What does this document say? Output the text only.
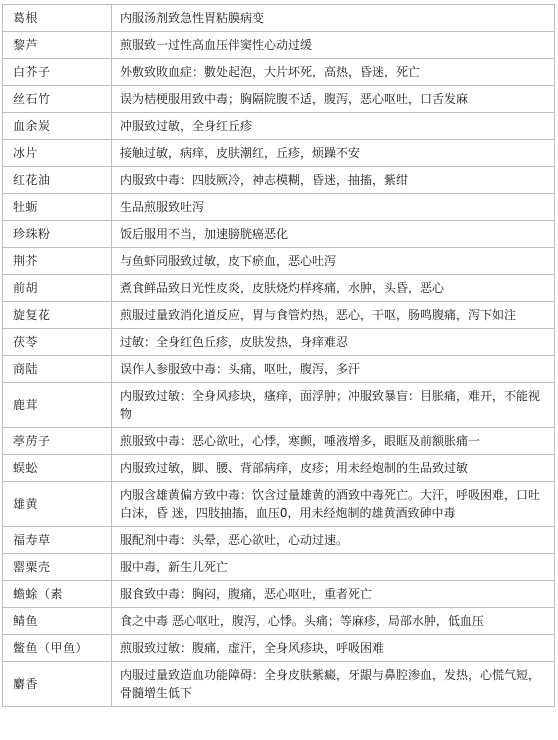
葛根	内服汤剂致急性胃粘膜病变
黎芦	煎服致一过性高血压伴窦性心动过缓
白芥子	外敷致敗血症：數处起泡，大片坏死，高热，昏迷，死亡
丝石竹	误为桔梗服用致中毒；胸隔院腹不适，腹泻，恶心呕吐，口舌发麻
血余炭	冲服致过敏，全身红丘疹
冰片	接触过敏，病痒，皮肤潮红，丘疹，烦躁不安
红花油	内服致中毒：四肢厥冷，神志模糊，昏迷，抽搐，紫绀
牡蛎	生品煎服致吐泻
珍珠粉	饭后服用不当，加速膀胱癌恶化
荆芥	与鱼虾同服致过敏，皮下瘀血，恶心吐泻
前胡	煮食鲜品致日光性皮炎，皮肤烧灼样疼痛，水肿，头昏，恶心
旋复花	煎服过量致消化道反应，胃与食管灼热，恶心，干呕，肠鸣腹痛，泻下如注
茯苓	过敏：全身红色丘疹，皮肤发热，身痒难忍
商陆	误作人参服致中毒：头痛，呕吐，腹泻，多汗
鹿茸	内服致过敏：全身风疹块，瘙痒，面浮肿；冲服致暴盲：目胀痛，难开，不能视物
葶苈子	煎服致中毒：恶心欲吐，心悸，寒颤，唾液增多，眼眶及前额胀痛一
蜈蚣	内服致过敏，脚、腰、背部病痒，皮疹；用未经炮制的生品致过敏
雄黄	内服含雄黄偏方致中毒：饮含过量雄黄的酒致中毒死亡。大汗，呼吸困难，口吐白沫，昏 迷，四肢抽搐，血压0，用未经炮制的雄黄酒致砷中毒
福寿草	服配剂中毒：头晕，恶心欲吐，心动过速。
罂粟壳	服中毒，新生儿死亡
蟾蜍（素	服食致中毒：胸闷，腹痛，恶心呕吐，重者死亡
鲭鱼	食之中毒 恶心呕吐，腹泻，心悸。头痛；等麻疹，局部水肿，低血压
鳖鱼（甲鱼）	煎服致过敏：腹痛，虚汗，全身风疹块，呼吸困难
麝香	内服过量致造血功能障碍：全身皮肤紫癜，牙龈与鼻腔渗血，发热，心慌气短，骨髓增生低下
